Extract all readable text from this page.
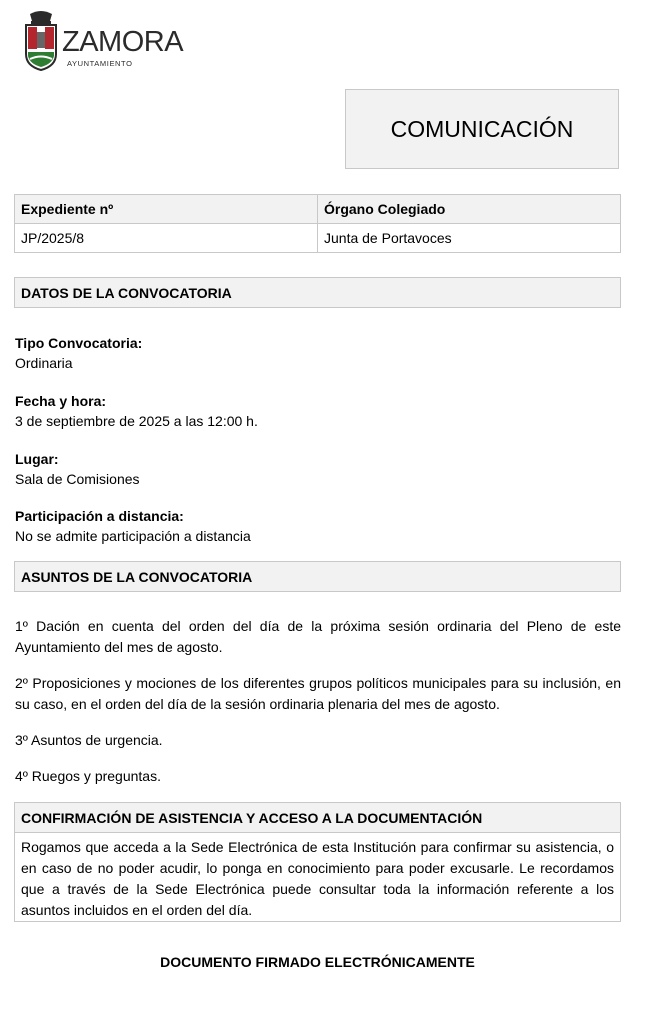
ZAMORA
AYUNTAMIENTO
COMUNICACIÓN
Expediente nº	Órgano Colegiado
JP/2025/8	Junta de Portavoces
DATOS DE LA CONVOCATORIA
Tipo Convocatoria:
Ordinaria
Fecha y hora:
3 de septiembre de 2025 a las 12:00 h.
Lugar:
Sala de Comisiones
Participación a distancia:
No se admite participación a distancia
ASUNTOS DE LA CONVOCATORIA
1º Dación en cuenta del orden del día de la próxima sesión ordinaria del Pleno de este Ayuntamiento del mes de agosto.
2º Proposiciones y mociones de los diferentes grupos políticos municipales para su inclusión, en su caso, en el orden del día de la sesión ordinaria plenaria del mes de agosto.
3º Asuntos de urgencia.
4º Ruegos y preguntas.
CONFIRMACIÓN DE ASISTENCIA Y ACCESO A LA DOCUMENTACIÓN
Rogamos que acceda a la Sede Electrónica de esta Institución para confirmar su asistencia, o en caso de no poder acudir, lo ponga en conocimiento para poder excusarle. Le recordamos que a través de la Sede Electrónica puede consultar toda la información referente a los asuntos incluidos en el orden del día.
DOCUMENTO FIRMADO ELECTRÓNICAMENTE
